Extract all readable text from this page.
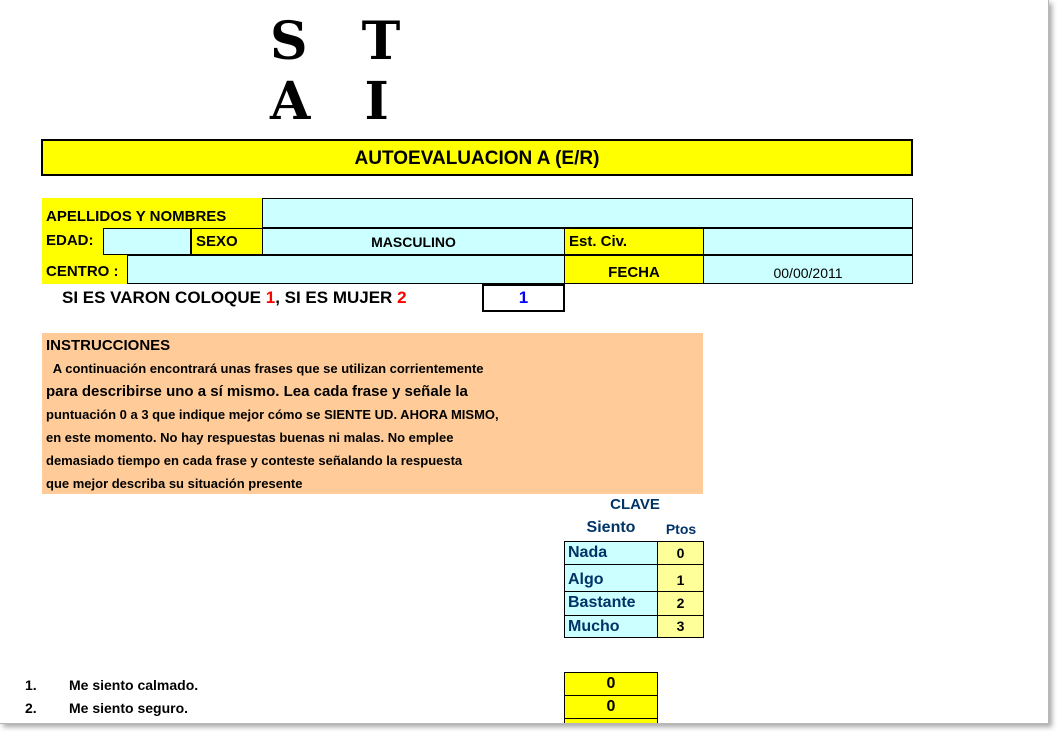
S T A I
AUTOEVALUACION A (E/R)
APELLIDOS Y NOMBRES
EDAD:	SEXO	MASCULINO	Est. Civ.
CENTRO :	FECHA	00/00/2011
SI ES VARON COLOQUE 1, SI ES MUJER 2	1
INSTRUCCIONES
A continuación encontrará unas frases que se utilizan corrientemente
para describirse uno a sí mismo. Lea cada frase y señale la
puntuación 0 a 3 que indique mejor cómo se SIENTE UD. AHORA MISMO,
en este momento. No hay respuestas buenas ni malas. No emplee
demasiado tiempo en cada frase y conteste señalando la respuesta
que mejor describa su situación presente
CLAVE
Siento	Ptos
Nada	0
Algo	1
Bastante	2
Mucho	3
1. Me siento calmado.	0
2. Me siento seguro.	0
